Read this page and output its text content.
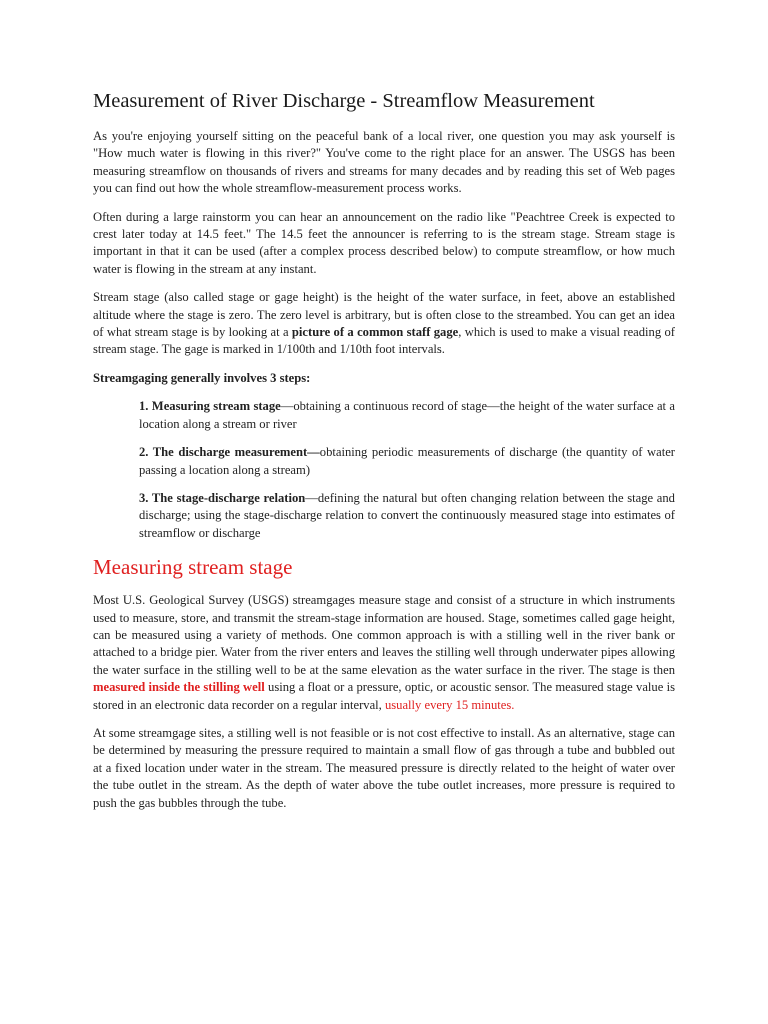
Measurement of River Discharge - Streamflow Measurement

As you're enjoying yourself sitting on the peaceful bank of a local river, one question you may ask yourself is "How much water is flowing in this river?" You've come to the right place for an answer. The USGS has been measuring streamflow on thousands of rivers and streams for many decades and by reading this set of Web pages you can find out how the whole streamflow-measurement process works.

Often during a large rainstorm you can hear an announcement on the radio like "Peachtree Creek is expected to crest later today at 14.5 feet." The 14.5 feet the announcer is referring to is the stream stage. Stream stage is important in that it can be used (after a complex process described below) to compute streamflow, or how much water is flowing in the stream at any instant.

Stream stage (also called stage or gage height) is the height of the water surface, in feet, above an established altitude where the stage is zero. The zero level is arbitrary, but is often close to the streambed. You can get an idea of what stream stage is by looking at a picture of a common staff gage, which is used to make a visual reading of stream stage. The gage is marked in 1/100th and 1/10th foot intervals.

Streamgaging generally involves 3 steps:

1. Measuring stream stage—obtaining a continuous record of stage—the height of the water surface at a location along a stream or river

2. The discharge measurement—obtaining periodic measurements of discharge (the quantity of water passing a location along a stream)

3. The stage-discharge relation—defining the natural but often changing relation between the stage and discharge; using the stage-discharge relation to convert the continuously measured stage into estimates of streamflow or discharge

Measuring stream stage

Most U.S. Geological Survey (USGS) streamgages measure stage and consist of a structure in which instruments used to measure, store, and transmit the stream-stage information are housed. Stage, sometimes called gage height, can be measured using a variety of methods. One common approach is with a stilling well in the river bank or attached to a bridge pier. Water from the river enters and leaves the stilling well through underwater pipes allowing the water surface in the stilling well to be at the same elevation as the water surface in the river. The stage is then measured inside the stilling well using a float or a pressure, optic, or acoustic sensor. The measured stage value is stored in an electronic data recorder on a regular interval, usually every 15 minutes.

At some streamgage sites, a stilling well is not feasible or is not cost effective to install. As an alternative, stage can be determined by measuring the pressure required to maintain a small flow of gas through a tube and bubbled out at a fixed location under water in the stream. The measured pressure is directly related to the height of water over the tube outlet in the stream. As the depth of water above the tube outlet increases, more pressure is required to push the gas bubbles through the tube.
